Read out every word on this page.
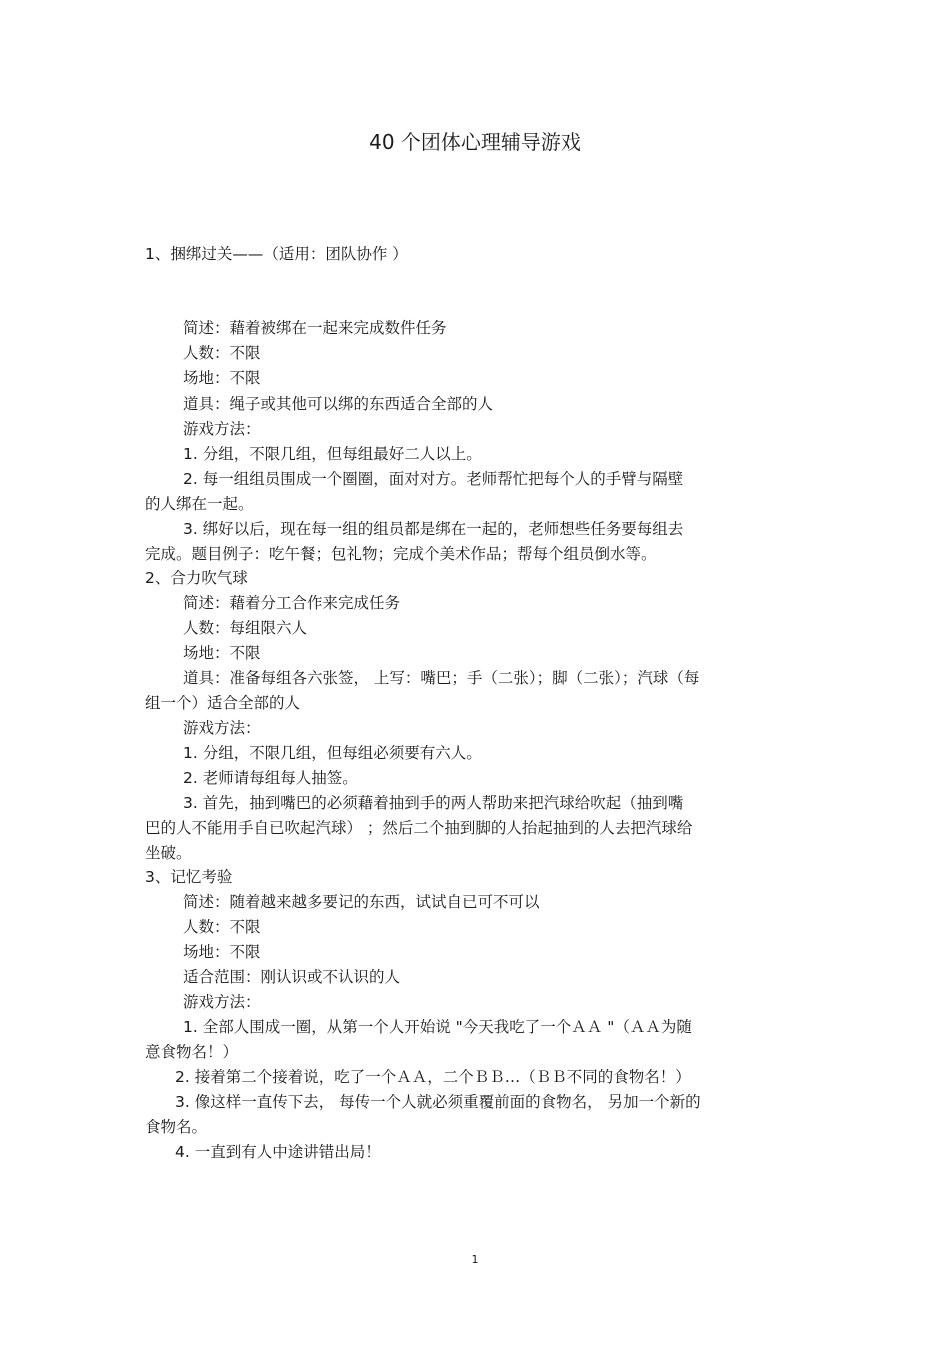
40 个团体心理辅导游戏
1、捆绑过关——（适用：团队协作 ）
简述：藉着被绑在一起来完成数件任务
人数：不限
场地：不限
道具：绳子或其他可以绑的东西适合全部的人
游戏方法：
1. 分组，不限几组，但每组最好二人以上。
2. 每一组组员围成一个圈圈，面对对方。老师帮忙把每个人的手臂与隔壁
的人绑在一起。
3. 绑好以后，现在每一组的组员都是绑在一起的，老师想些任务要每组去
完成。题目例子：吃午餐；包礼物；完成个美术作品；帮每个组员倒水等。
2、合力吹气球
简述：藉着分工合作来完成任务
人数：每组限六人
场地：不限
道具：准备每组各六张签， 上写：嘴巴；手（二张）；脚（二张）；汽球（每
组一个）适合全部的人
游戏方法：
1. 分组，不限几组，但每组必须要有六人。
2. 老师请每组每人抽签。
3. 首先，抽到嘴巴的必须藉着抽到手的两人帮助来把汽球给吹起（抽到嘴
巴的人不能用手自已吹起汽球） ；然后二个抽到脚的人抬起抽到的人去把汽球给
坐破。
3、记忆考验
简述：随着越来越多要记的东西，试试自已可不可以
人数：不限
场地：不限
适合范围：刚认识或不认识的人
游戏方法：
1. 全部人围成一圈，从第一个人开始说 "今天我吃了一个ＡＡ "（ＡＡ为随
意食物名！）
2. 接着第二个接着说，吃了一个ＡＡ，二个ＢＢ…（ＢＢ不同的食物名！）
3. 像这样一直传下去， 每传一个人就必须重覆前面的食物名， 另加一个新的
食物名。
4. 一直到有人中途讲错出局！
1
